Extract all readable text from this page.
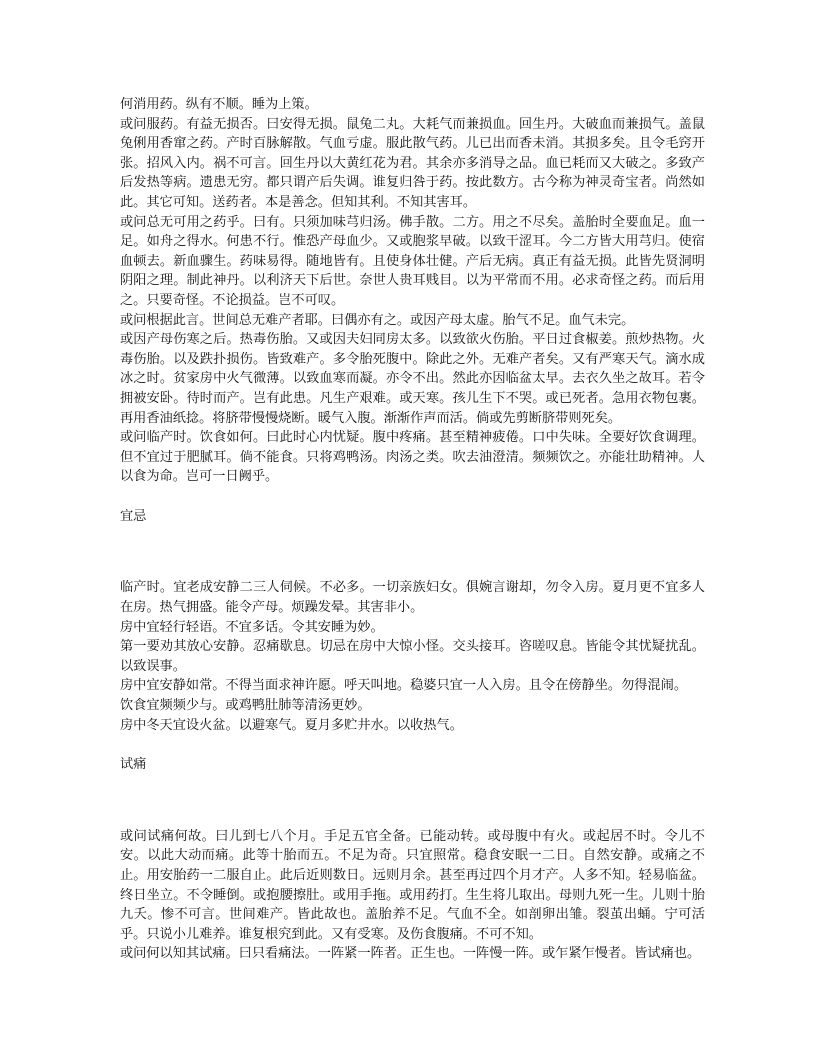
何消用药。纵有不顺。睡为上策。

或问服药。有益无损否。曰安得无损。鼠兔二丸。大耗气而兼损血。回生丹。大破血而兼损气。盖鼠兔俐用香窜之药。产时百脉解散。气血亏虚。服此散气药。儿已出而香未消。其损多矣。且令毛窍开张。招风入内。祸不可言。回生丹以大黄红花为君。其余亦多消导之品。血已耗而又大破之。多致产后发热等病。遗患无穷。都只谓产后失调。谁复归咎于药。按此数方。古今称为神灵奇宝者。尚然如此。其它可知。送药者。本是善念。但知其利。不知其害耳。

或问总无可用之药乎。曰有。只须加味芎归汤。佛手散。二方。用之不尽矣。盖胎时全要血足。血一足。如舟之得水。何患不行。惟恐产母血少。又或胞浆早破。以致干涩耳。今二方皆大用芎归。使宿血顿去。新血骤生。药味易得。随地皆有。且使身体壮健。产后无病。真正有益无损。此皆先贤洞明阴阳之理。制此神丹。以利济天下后世。奈世人贵耳贱目。以为平常而不用。必求奇怪之药。而后用之。只要奇怪。不论损益。岂不可叹。

或问根据此言。世间总无难产者耶。曰偶亦有之。或因产母太虚。胎气不足。血气未完。

或因产母伤寒之后。热毒伤胎。又或因夫妇同房太多。以致欲火伤胎。平日过食椒姜。煎炒热物。火毒伤胎。以及跌扑损伤。皆致难产。多令胎死腹中。除此之外。无难产者矣。又有严寒天气。滴水成冰之时。贫家房中火气微薄。以致血寒而凝。亦令不出。然此亦因临盆太早。去衣久坐之故耳。若令拥被安卧。待时而产。岂有此患。凡生产艰难。或天寒。孩儿生下不哭。或已死者。急用衣物包裹。再用香油纸捻。将脐带慢慢烧断。暖气入腹。渐渐作声而活。倘或先剪断脐带则死矣。

或问临产时。饮食如何。曰此时心内忧疑。腹中疼痛。甚至精神疲倦。口中失味。全要好饮食调理。但不宜过于肥腻耳。倘不能食。只将鸡鸭汤。肉汤之类。吹去油澄清。频频饮之。亦能壮助精神。人以食为命。岂可一日阙乎。

宜忌

临产时。宜老成安静二三人伺候。不必多。一切亲族妇女。俱婉言谢却，勿令入房。夏月更不宜多人在房。热气拥盛。能令产母。烦躁发晕。其害非小。

房中宜轻行轻语。不宜多话。令其安睡为妙。

第一要劝其放心安静。忍痛歇息。切忌在房中大惊小怪。交头接耳。咨嗟叹息。皆能令其忧疑扰乱。以致误事。

房中宜安静如常。不得当面求神许愿。呼天叫地。稳婆只宜一人入房。且令在傍静坐。勿得混闹。

饮食宜频频少与。或鸡鸭肚肺等清汤更妙。

房中冬天宜设火盆。以避寒气。夏月多贮井水。以收热气。

试痛

或问试痛何故。曰儿到七八个月。手足五官全备。已能动转。或母腹中有火。或起居不时。令儿不安。以此大动而痛。此等十胎而五。不足为奇。只宜照常。稳食安眠一二日。自然安静。或痛之不止。用安胎药一二服自止。此后近则数日。远则月余。甚至再过四个月才产。人多不知。轻易临盆。终日坐立。不令睡倒。或抱腰擦肚。或用手拖。或用药打。生生将儿取出。母则九死一生。儿则十胎九夭。惨不可言。世间难产。皆此故也。盖胎养不足。气血不全。如剖卵出雏。裂茧出蛹。宁可活乎。只说小儿难养。谁复根究到此。又有受寒。及伤食腹痛。不可不知。

或问何以知其试痛。曰只看痛法。一阵紧一阵者。正生也。一阵慢一阵。或乍紧乍慢者。皆试痛也。
